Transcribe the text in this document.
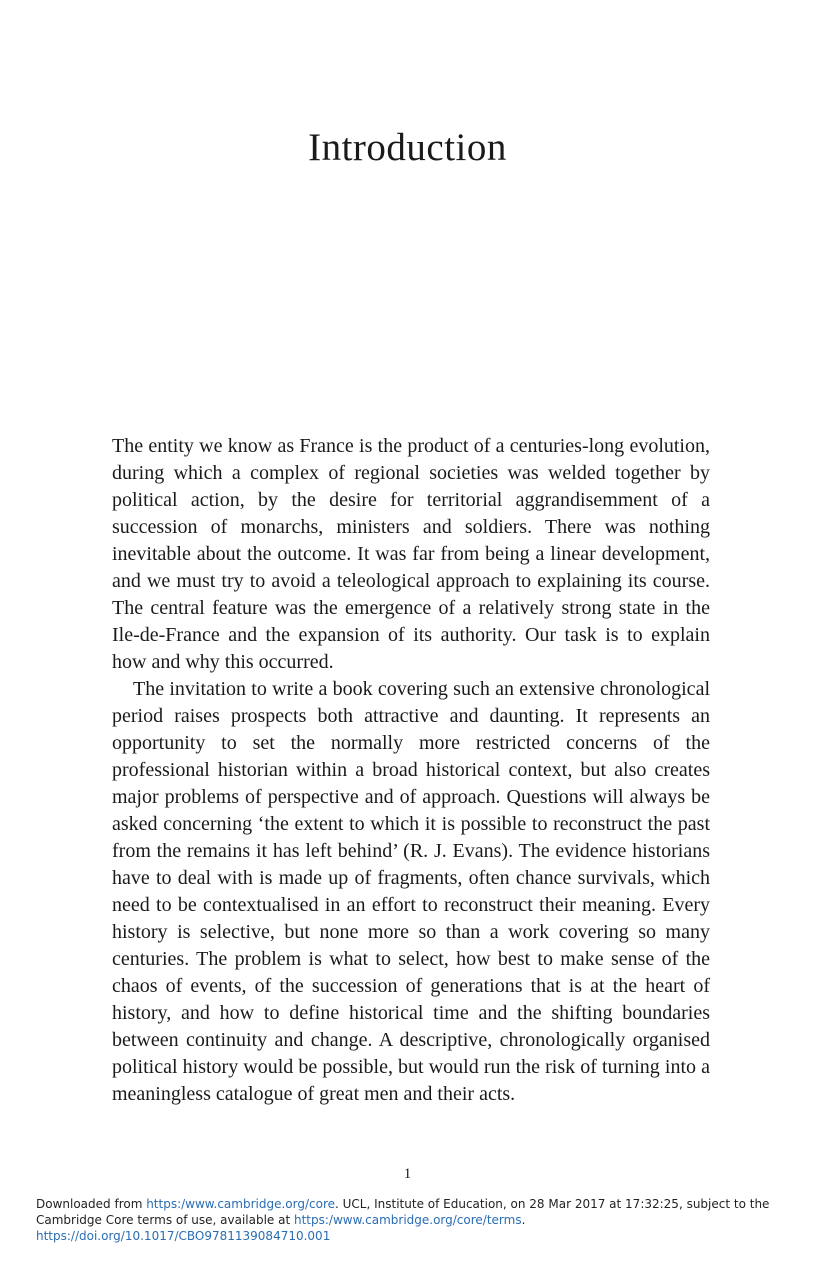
Introduction

The entity we know as France is the product of a centuries-long evolution, during which a complex of regional societies was welded together by political action, by the desire for territorial aggrandisemment of a succession of monarchs, ministers and soldiers. There was nothing inevitable about the outcome. It was far from being a linear development, and we must try to avoid a teleological approach to explaining its course. The central feature was the emergence of a relatively strong state in the Ile-de-France and the expansion of its authority. Our task is to explain how and why this occurred.

The invitation to write a book covering such an extensive chronological period raises prospects both attractive and daunting. It represents an opportunity to set the normally more restricted concerns of the professional historian within a broad historical context, but also creates major problems of perspective and of approach. Questions will always be asked concerning ‘the extent to which it is possible to reconstruct the past from the remains it has left behind’ (R. J. Evans). The evidence historians have to deal with is made up of fragments, often chance survivals, which need to be contextualised in an effort to reconstruct their meaning. Every history is selective, but none more so than a work covering so many centuries. The problem is what to select, how best to make sense of the chaos of events, of the succession of generations that is at the heart of history, and how to define historical time and the shifting boundaries between continuity and change. A descriptive, chronologically organised political history would be possible, but would run the risk of turning into a meaningless catalogue of great men and their acts.

1
Downloaded from https:/www.cambridge.org/core. UCL, Institute of Education, on 28 Mar 2017 at 17:32:25, subject to the Cambridge Core terms of use, available at https:/www.cambridge.org/core/terms.
https://doi.org/10.1017/CBO9781139084710.001
